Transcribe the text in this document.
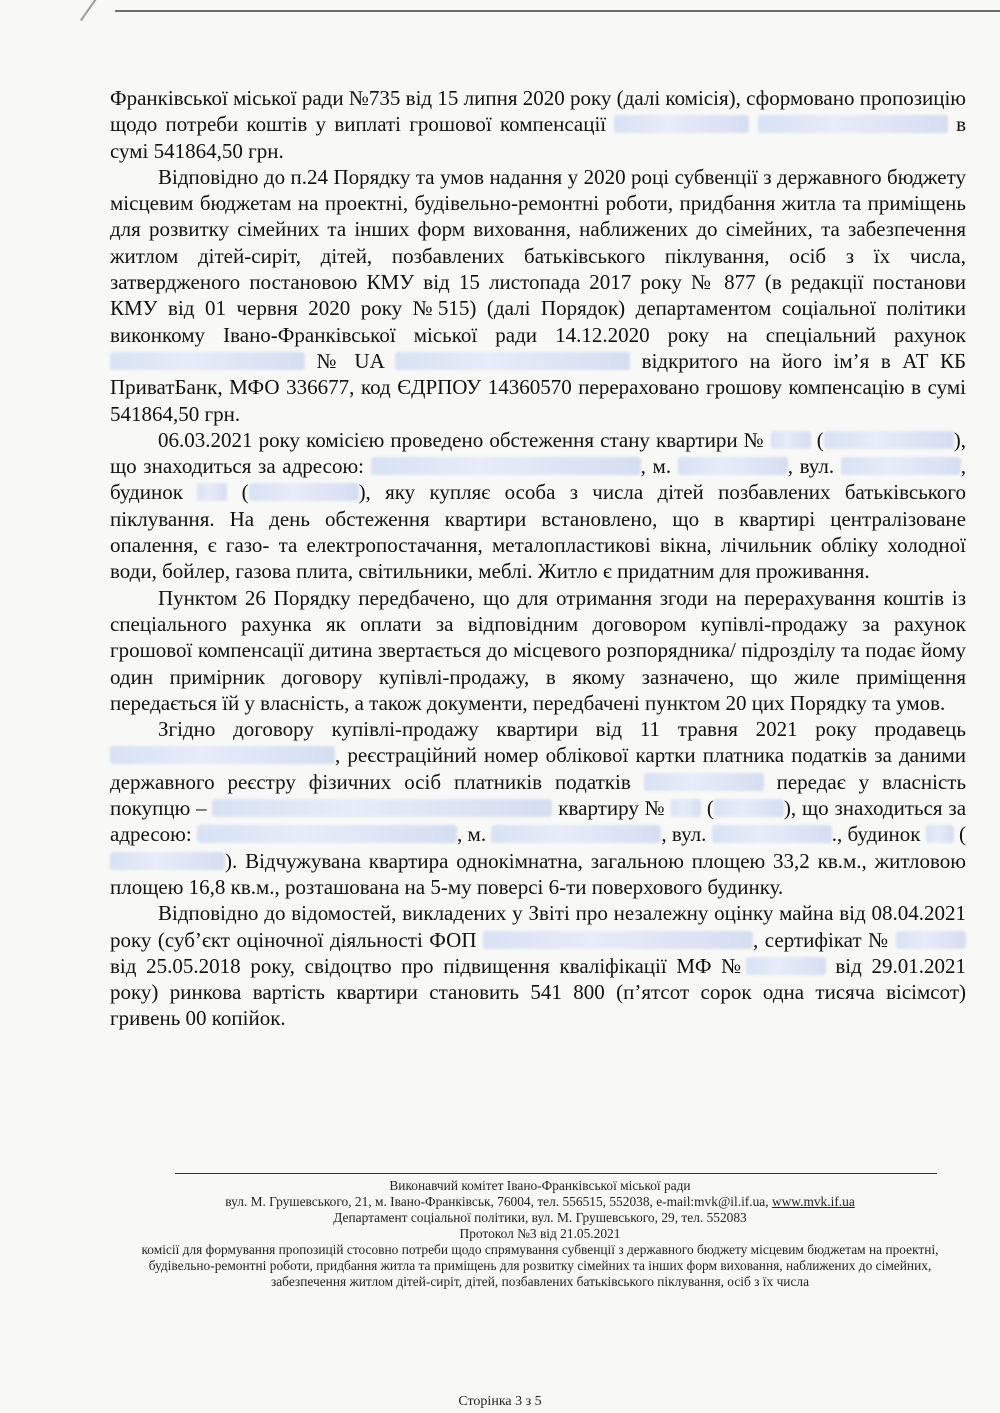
Франківської міської ради №735 від 15 липня 2020 року (далі комісія), сформовано пропозицію щодо потреби коштів у виплаті грошової компенсації	в сумі 541864,50 грн.

Відповідно до п.24 Порядку та умов надання у 2020 році субвенції з державного бюджету місцевим бюджетам на проектні, будівельно-ремонтні роботи, придбання житла та приміщень для розвитку сімейних та інших форм виховання, наближених до сімейних, та забезпечення житлом дітей-сиріт, дітей, позбавлених батьківського піклування, осіб з їх числа, затвердженого постановою КМУ від 15 листопада 2017 року № 877 (в редакції постанови КМУ від 01 червня 2020 року №515) (далі Порядок) департаментом соціальної політики виконкому Івано-Франківської міської ради 14.12.2020 року на спеціальний рахунок  № UA	відкритого на його ім’я в АТ КБ ПриватБанк, МФО 336677, код ЄДРПОУ 14360570 перераховано грошову компенсацію в сумі 541864,50 грн.

06.03.2021 року комісією проведено обстеження стану квартири № (	), що знаходиться за адресою:	, м.	, вул.	, будинок	(	), яку купляє особа з числа дітей позбавлених батьківського піклування. На день обстеження квартири встановлено, що в квартирі централізоване опалення, є газо- та електропостачання, металопластикові вікна, лічильник обліку холодної води, бойлер, газова плита, світильники, меблі. Житло є придатним для проживання.

Пунктом 26 Порядку передбачено, що для отримання згоди на перерахування коштів із спеціального рахунка як оплати за відповідним договором купівлі-продажу за рахунок грошової компенсації дитина звертається до місцевого розпорядника/ підрозділу та подає йому один примірник договору купівлі-продажу, в якому зазначено, що жиле приміщення передається їй у власність, а також документи, передбачені пунктом 20 цих Порядку та умов.

Згідно договору купівлі-продажу квартири від 11 травня 2021 року продавець , реєстраційний номер облікової картки платника податків за даними державного реєстру фізичних осіб платників податків	передає у власність покупцю –	квартиру № (	), що знаходиться за адресою:	, м.	, вул.	., будинок (). Відчужувана квартира однокімнатна, загальною площею 33,2 кв.м., житловою площею 16,8 кв.м., розташована на 5-му поверсі 6-ти поверхового будинку.

Відповідно до відомостей, викладених у Звіті про незалежну оцінку майна від 08.04.2021 року (суб’єкт оціночної діяльності ФОП	, сертифікат №  від 25.05.2018 року, свідоцтво про підвищення кваліфікації МФ №	від 29.01.2021 року) ринкова вартість квартири становить 541 800 (п’ятсот сорок одна тисяча вісімсот) гривень 00 копійок.

Виконавчий комітет Івано-Франківської міської ради
вул. М. Грушевського, 21, м. Івано-Франківськ, 76004, тел. 556515, 552038, e-mail:mvk@il.if.ua, www.mvk.if.ua
Департамент соціальної політики, вул. М. Грушевського, 29, тел. 552083
Протокол №3 від 21.05.2021
комісії для формування пропозицій стосовно потреби щодо спрямування субвенції з державного бюджету місцевим бюджетам на проектні, будівельно-ремонтні роботи, придбання житла та приміщень для розвитку сімейних та інших форм виховання, наближених до сімейних, забезпечення житлом дітей-сиріт, дітей, позбавлених батьківського піклування, осіб з їх числа
Сторінка 3 з 5
